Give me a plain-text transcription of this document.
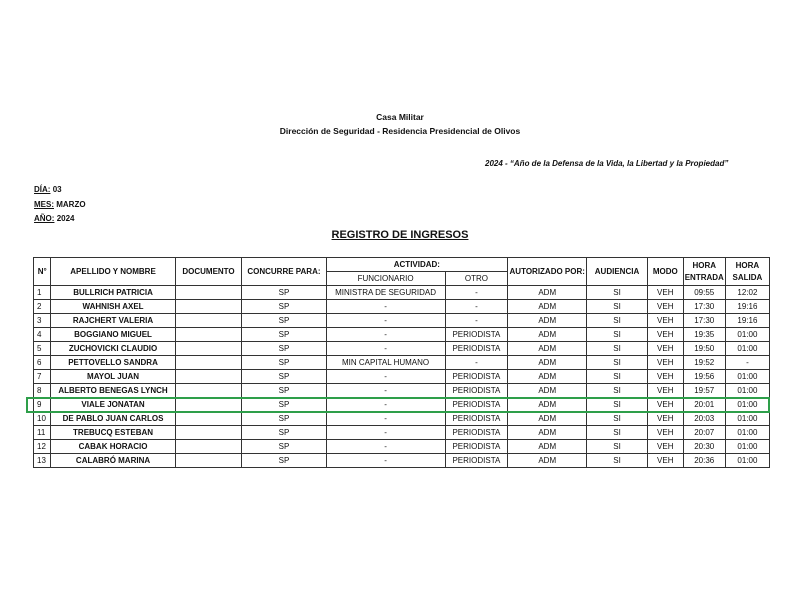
Casa Militar
Dirección de Seguridad - Residencia Presidencial de Olivos
2024 - “Año de la Defensa de la Vida, la Libertad y la Propiedad”
DÍA: 03
MES: MARZO
AÑO: 2024
REGISTRO DE INGRESOS
N°	APELLIDO Y NOMBRE	DOCUMENTO	CONCURRE PARA:	ACTIVIDAD:		AUTORIZADO POR:	AUDIENCIA	MODO	HORA ENTRADA	HORA SALIDA
				FUNCIONARIO	OTRO					
1	BULLRICH PATRICIA		SP	MINISTRA DE SEGURIDAD	-	ADM	SI	VEH	09:55	12:02
2	WAHNISH AXEL		SP	-	-	ADM	SI	VEH	17:30	19:16
3	RAJCHERT VALERIA		SP	-	-	ADM	SI	VEH	17:30	19:16
4	BOGGIANO MIGUEL		SP	-	PERIODISTA	ADM	SI	VEH	19:35	01:00
5	ZUCHOVICKI CLAUDIO		SP	-	PERIODISTA	ADM	SI	VEH	19:50	01:00
6	PETTOVELLO SANDRA		SP	MIN CAPITAL HUMANO	-	ADM	SI	VEH	19:52	-
7	MAYOL JUAN		SP	-	PERIODISTA	ADM	SI	VEH	19:56	01:00
8	ALBERTO BENEGAS LYNCH		SP	-	PERIODISTA	ADM	SI	VEH	19:57	01:00
9	VIALE JONATAN		SP	-	PERIODISTA	ADM	SI	VEH	20:01	01:00
10	DE PABLO JUAN CARLOS		SP	-	PERIODISTA	ADM	SI	VEH	20:03	01:00
11	TREBUCQ ESTEBAN		SP	-	PERIODISTA	ADM	SI	VEH	20:07	01:00
12	CABAK HORACIO		SP	-	PERIODISTA	ADM	SI	VEH	20:30	01:00
13	CALABRÓ MARINA		SP	-	PERIODISTA	ADM	SI	VEH	20:36	01:00
